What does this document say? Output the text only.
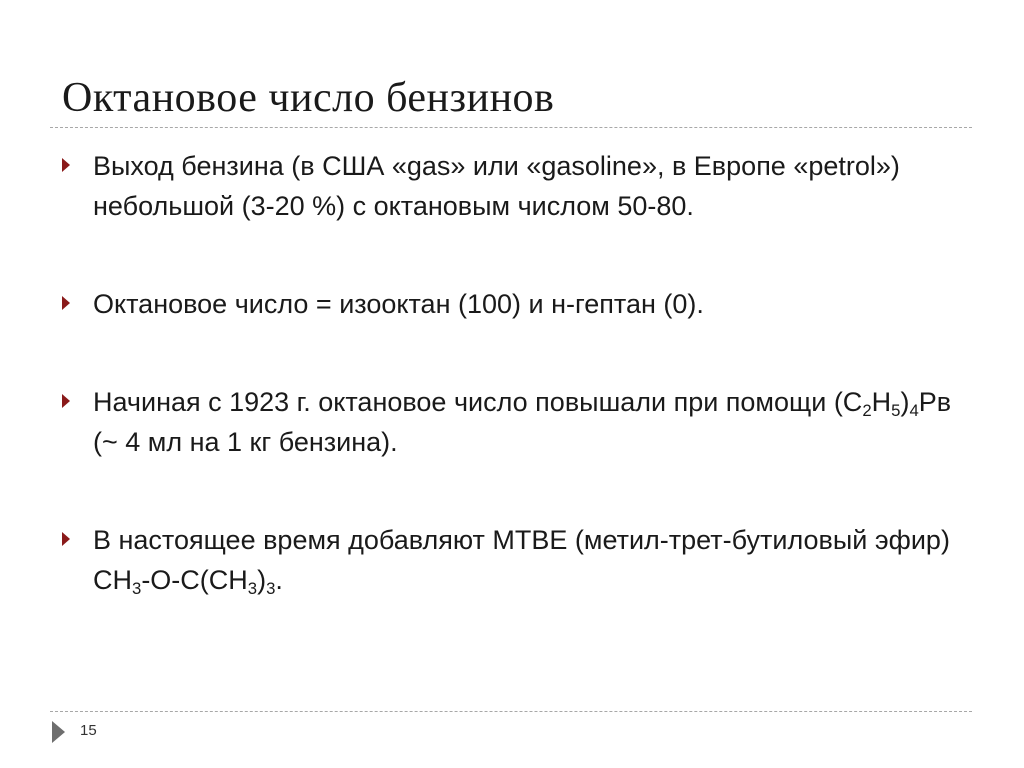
Октановое число бензинов
Выход бензина (в США «gas» или «gasoline», в Европе «petrol») небольшой (3-20 %) с октановым числом 50-80.
Октановое число = изооктан (100) и н-гептан (0).
Начиная с 1923 г. октановое число повышали при помощи $(C_2H_5)_4Рв$ (~ 4 мл на 1 кг бензина).
В настоящее время добавляют МТВЕ (метил-трет-бутиловый эфир) $CH_3-O-C(CH_3)_3$.
15
